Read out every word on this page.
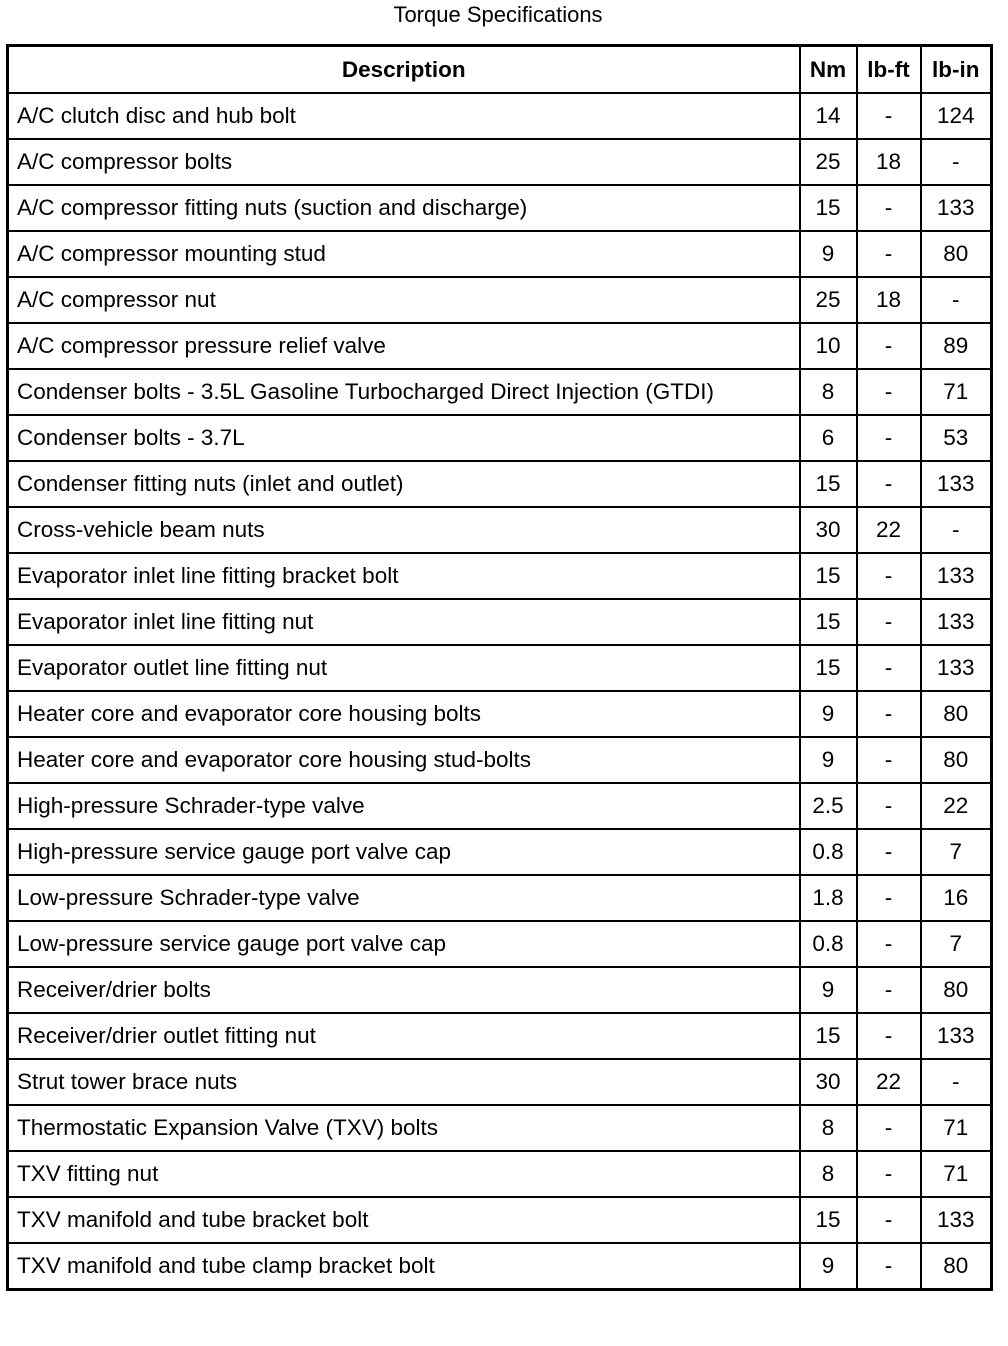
Torque Specifications
Description	Nm	lb-ft	lb-in
A/C clutch disc and hub bolt	14	-	124
A/C compressor bolts	25	18	-
A/C compressor fitting nuts (suction and discharge)	15	-	133
A/C compressor mounting stud	9	-	80
A/C compressor nut	25	18	-
A/C compressor pressure relief valve	10	-	89
Condenser bolts - 3.5L Gasoline Turbocharged Direct Injection (GTDI)	8	-	71
Condenser bolts - 3.7L	6	-	53
Condenser fitting nuts (inlet and outlet)	15	-	133
Cross-vehicle beam nuts	30	22	-
Evaporator inlet line fitting bracket bolt	15	-	133
Evaporator inlet line fitting nut	15	-	133
Evaporator outlet line fitting nut	15	-	133
Heater core and evaporator core housing bolts	9	-	80
Heater core and evaporator core housing stud-bolts	9	-	80
High-pressure Schrader-type valve	2.5	-	22
High-pressure service gauge port valve cap	0.8	-	7
Low-pressure Schrader-type valve	1.8	-	16
Low-pressure service gauge port valve cap	0.8	-	7
Receiver/drier bolts	9	-	80
Receiver/drier outlet fitting nut	15	-	133
Strut tower brace nuts	30	22	-
Thermostatic Expansion Valve (TXV) bolts	8	-	71
TXV fitting nut	8	-	71
TXV manifold and tube bracket bolt	15	-	133
TXV manifold and tube clamp bracket bolt	9	-	80
